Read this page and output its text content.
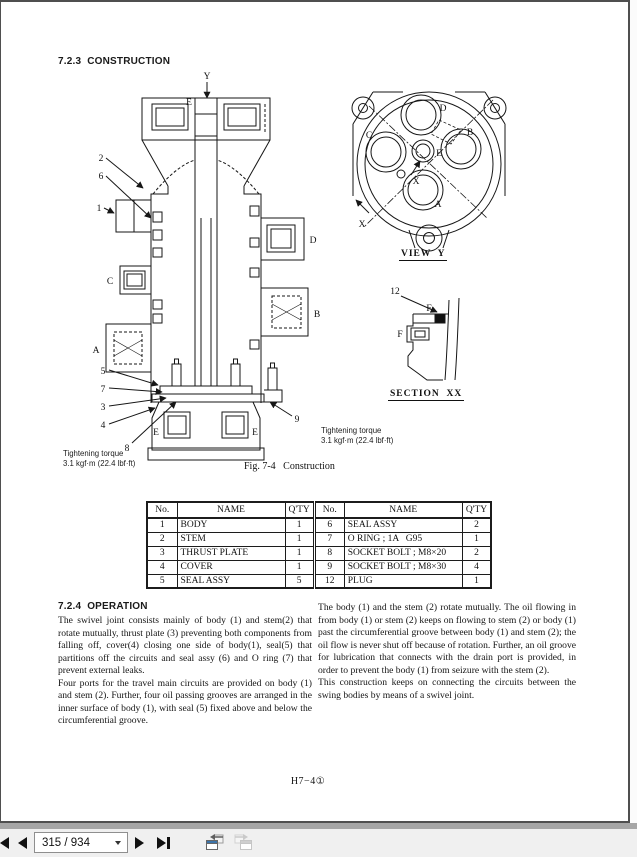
7.2.3  CONSTRUCTION
Y
E
2
6
1
C
A
D
B
5
7
3
4
8
9
E	E
D
B
C
E
A
X
X
VIEW  Y
12
F
F
SECTION  XX
Tightening torque
3.1 kgf·m (22.4 lbf·ft)
Tightening torque
3.1 kgf·m (22.4 lbf·ft)
Fig. 7-4   Construction
No.	NAME	Q'TY	No.	NAME	Q'TY
1	BODY	1	6	SEAL ASSY	2
2	STEM	1	7	O RING ; 1A   G95	1
3	THRUST PLATE	1	8	SOCKET BOLT ; M8×20	2
4	COVER	1	9	SOCKET BOLT ; M8×30	4
5	SEAL ASSY	5	12	PLUG	1
7.2.4  OPERATION
The swivel joint consists mainly of body (1) and stem(2) that rotate mutually, thrust plate (3) preventing both components from falling off, cover(4) closing one side of body(1), seal(5) that partitions off the circuits and seal assy (6) and O ring (7) that prevent external leaks.
Four ports for the travel main circuits are provided on body (1) and stem (2). Further, four oil passing grooves are arranged in the inner surface of body (1), with seal (5) fixed above and below the circumferential groove.
The body (1) and the stem (2) rotate mutually. The oil flowing in from body (1) or stem (2) keeps on flowing to stem (2) or body (1) past the circumferential groove between body (1) and stem (2); the oil flow is never shut off because of rotation. Further, an oil groove for lubrication that connects with the drain port is provided, in order to prevent the body (1) from seizure with the stem (2).
This construction keeps on connecting the circuits between the swing bodies by means of a swivel joint.
H7−4①
315 / 934
